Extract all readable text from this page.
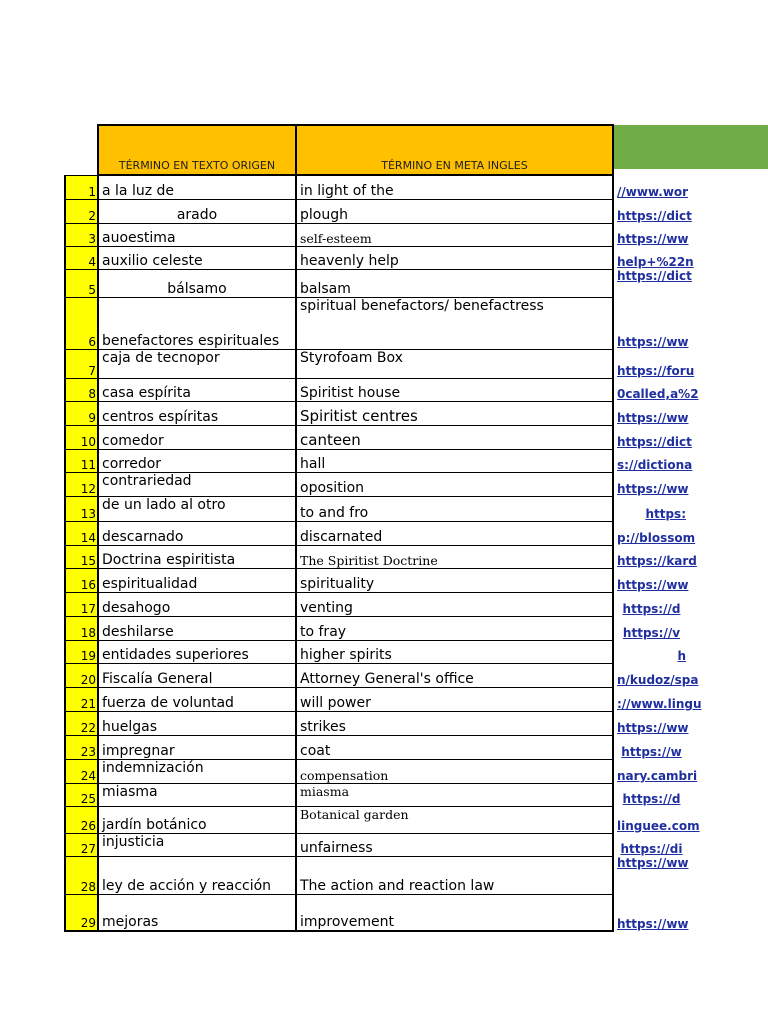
	TÉRMINO EN TEXTO ORIGEN	TÉRMINO EN META INGLES	
1	a la luz de	in light of the	//www.wor
2	arado	plough	https://dict
3	auoestima	self-esteem	https://ww
4	auxilio celeste	heavenly help	help+%22n
5	bálsamo	balsam	https://dict
6	benefactores espirituales	spiritual benefactors/ benefactress	https://ww
7	caja de tecnopor	Styrofoam Box	https://foru
8	casa espírita	Spiritist house	0called,a%2
9	centros espíritas	Spiritist centres	https://ww
10	comedor	canteen	https://dict
11	corredor	hall	s://dictiona
12	contrariedad	oposition	https://ww
13	de un lado al otro	to and fro	https:
14	descarnado	discarnated	p://blossom
15	Doctrina espiritista	The Spiritist Doctrine	https://kard
16	espiritualidad	spirituality	https://ww
17	desahogo	venting	https://d
18	deshilarse	to fray	https://v
19	entidades superiores	higher spirits	h
20	Fiscalía General	Attorney General's office	n/kudoz/spa
21	fuerza de voluntad	will power	://www.lingu
22	huelgas	strikes	https://ww
23	impregnar	coat	https://w
24	indemnización	compensation	nary.cambri
25	miasma	miasma	https://d
26	jardín botánico	Botanical garden	linguee.com
27	injusticia	unfairness	https://di
28	ley de acción y reacción	The action and reaction law	https://ww
29	mejoras	improvement	https://ww
